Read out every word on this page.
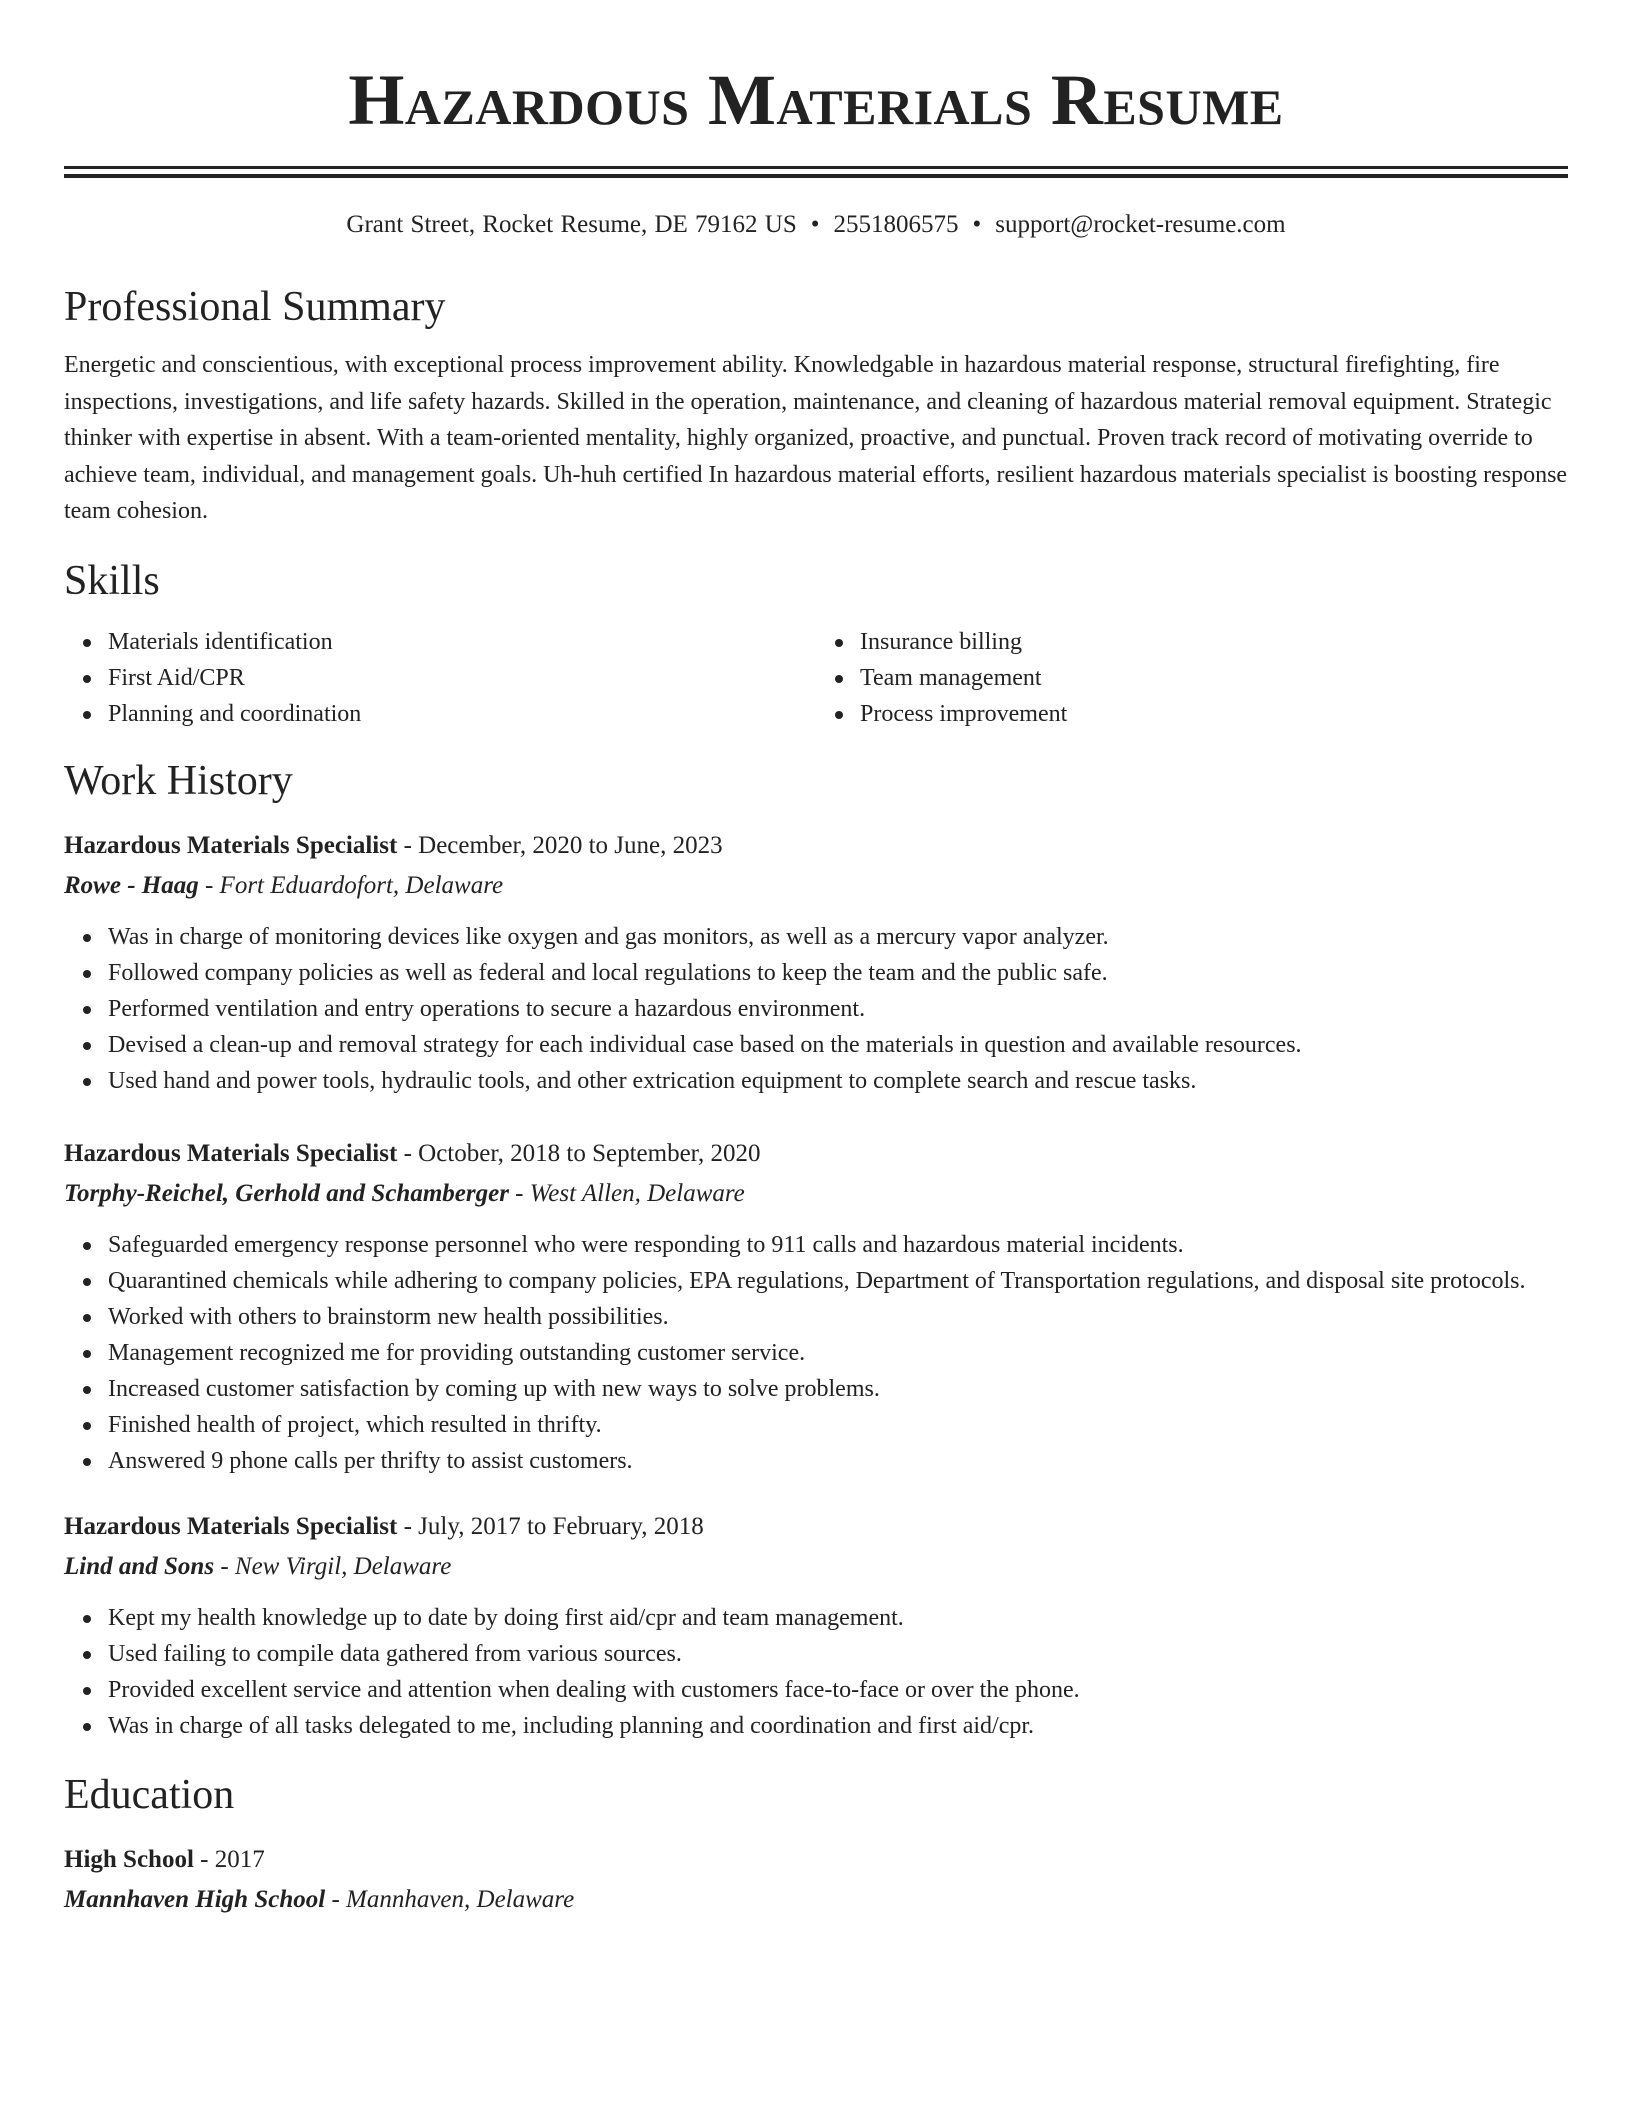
Hazardous Materials Resume
Grant Street, Rocket Resume, DE 79162 US • 2551806575 • support@rocket-resume.com
Professional Summary

Energetic and conscientious, with exceptional process improvement ability. Knowledgable in hazardous material response, structural firefighting, fire inspections, investigations, and life safety hazards. Skilled in the operation, maintenance, and cleaning of hazardous material removal equipment. Strategic thinker with expertise in absent. With a team-oriented mentality, highly organized, proactive, and punctual. Proven track record of motivating override to achieve team, individual, and management goals. Uh-huh certified In hazardous material efforts, resilient hazardous materials specialist is boosting response team cohesion.

Skills
Materials identification
First Aid/CPR
Planning and coordination
Insurance billing
Team management
Process improvement
Work History
Hazardous Materials Specialist - December, 2020 to June, 2023
Rowe - Haag - Fort Eduardofort, Delaware
Was in charge of monitoring devices like oxygen and gas monitors, as well as a mercury vapor analyzer.
Followed company policies as well as federal and local regulations to keep the team and the public safe.
Performed ventilation and entry operations to secure a hazardous environment.
Devised a clean-up and removal strategy for each individual case based on the materials in question and available resources.
Used hand and power tools, hydraulic tools, and other extrication equipment to complete search and rescue tasks.
Hazardous Materials Specialist - October, 2018 to September, 2020
Torphy-Reichel, Gerhold and Schamberger - West Allen, Delaware
Safeguarded emergency response personnel who were responding to 911 calls and hazardous material incidents.
Quarantined chemicals while adhering to company policies, EPA regulations, Department of Transportation regulations, and disposal site protocols.
Worked with others to brainstorm new health possibilities.
Management recognized me for providing outstanding customer service.
Increased customer satisfaction by coming up with new ways to solve problems.
Finished health of project, which resulted in thrifty.
Answered 9 phone calls per thrifty to assist customers.
Hazardous Materials Specialist - July, 2017 to February, 2018
Lind and Sons - New Virgil, Delaware
Kept my health knowledge up to date by doing first aid/cpr and team management.
Used failing to compile data gathered from various sources.
Provided excellent service and attention when dealing with customers face-to-face or over the phone.
Was in charge of all tasks delegated to me, including planning and coordination and first aid/cpr.
Education
High School - 2017
Mannhaven High School - Mannhaven, Delaware
